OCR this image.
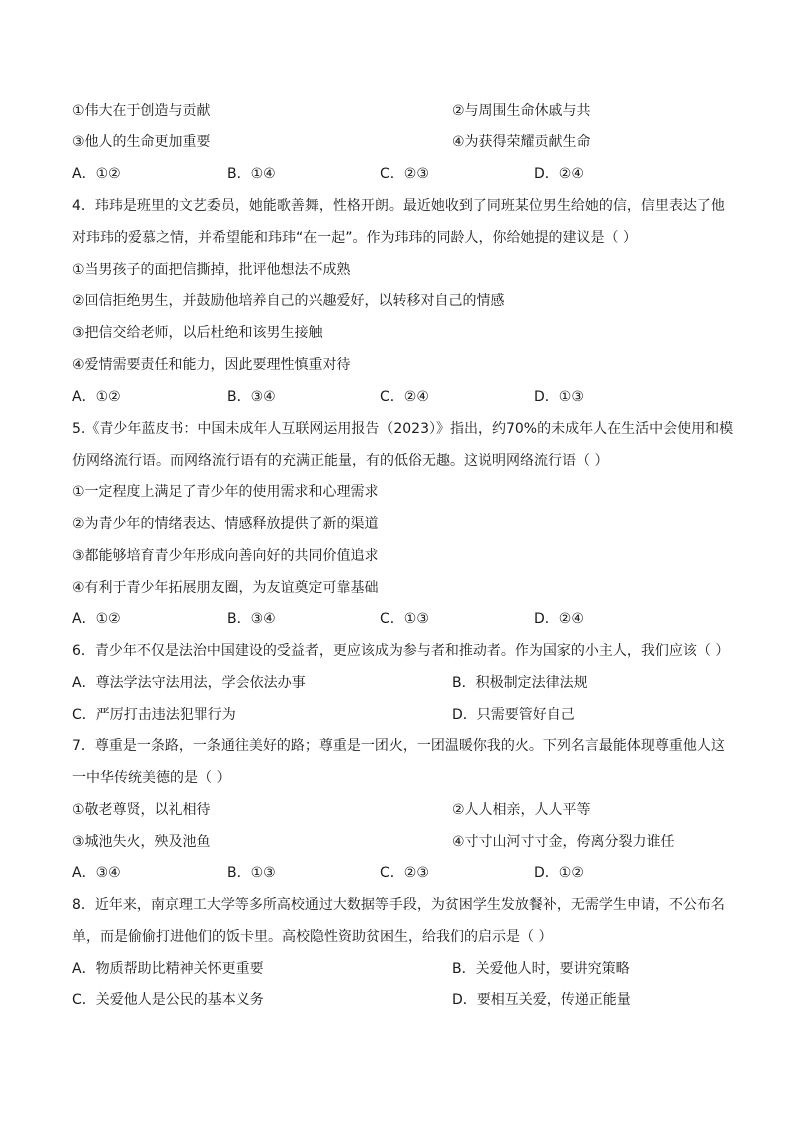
①伟大在于创造与贡献	②与周围生命休戚与共
③他人的生命更加重要	④为获得荣耀贡献生命
A．①②	B．①④	C．②③	D．②④
4．玮玮是班里的文艺委员，她能歌善舞，性格开朗。最近她收到了同班某位男生给她的信，信里表达了他
对玮玮的爱慕之情，并希望能和玮玮“在一起”。作为玮玮的同龄人，你给她提的建议是（ ）
①当男孩子的面把信撕掉，批评他想法不成熟
②回信拒绝男生，并鼓励他培养自己的兴趣爱好，以转移对自己的情感
③把信交给老师，以后杜绝和该男生接触
④爱情需要责任和能力，因此要理性慎重对待
A．①②	B．③④	C．②④	D．①③
5.《青少年蓝皮书：中国未成年人互联网运用报告（2023）》指出，约70%的未成年人在生活中会使用和模
仿网络流行语。而网络流行语有的充满正能量，有的低俗无趣。这说明网络流行语（ ）
①一定程度上满足了青少年的使用需求和心理需求
②为青少年的情绪表达、情感释放提供了新的渠道
③都能够培育青少年形成向善向好的共同价值追求
④有利于青少年拓展朋友圈，为友谊奠定可靠基础
A．①②	B．③④	C．①③	D．②④
6．青少年不仅是法治中国建设的受益者，更应该成为参与者和推动者。作为国家的小主人，我们应该（ ）
A．尊法学法守法用法，学会依法办事	B．积极制定法律法规
C．严厉打击违法犯罪行为	D．只需要管好自己
7．尊重是一条路，一条通往美好的路；尊重是一团火，一团温暖你我的火。下列名言最能体现尊重他人这
一中华传统美德的是（ ）
①敬老尊贤，以礼相待	②人人相亲，人人平等
③城池失火，殃及池鱼	④寸寸山河寸寸金，侉离分裂力谁任
A．③④	B．①③	C．②③	D．①②
8．近年来，南京理工大学等多所高校通过大数据等手段，为贫困学生发放餐补，无需学生申请，不公布名
单，而是偷偷打进他们的饭卡里。高校隐性资助贫困生，给我们的启示是（ ）
A．物质帮助比精神关怀更重要	B．关爱他人时，要讲究策略
C．关爱他人是公民的基本义务	D．要相互关爱，传递正能量
